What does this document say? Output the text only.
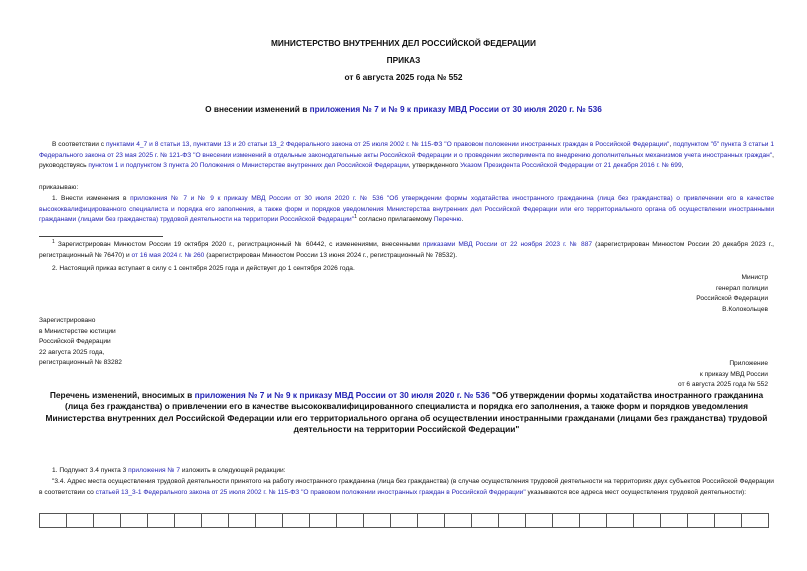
МИНИСТЕРСТВО ВНУТРЕННИХ ДЕЛ РОССИЙСКОЙ ФЕДЕРАЦИИ
ПРИКАЗ
от 6 августа 2025 года № 552
О внесении изменений в приложения № 7 и № 9 к приказу МВД России от 30 июля 2020 г. № 536
В соответствии с пунктами 4_7 и 8 статьи 13, пунктами 13 и 20 статьи 13_2 Федерального закона от 25 июля 2002 г. № 115-ФЗ "О правовом положении иностранных граждан в Российской Федерации", подпунктом "б" пункта 3 статьи 1 Федерального закона от 23 мая 2025 г. № 121-ФЗ "О внесении изменений в отдельные законодательные акты Российской Федерации и о проведении эксперимента по внедрению дополнительных механизмов учета иностранных граждан", руководствуясь пунктом 1 и подпунктом 3 пункта 20 Положения о Министерстве внутренних дел Российской Федерации, утвержденного Указом Президента Российской Федерации от 21 декабря 2016 г. № 699,
приказываю:
1. Внести изменения в приложения № 7 и № 9 к приказу МВД России от 30 июля 2020 г. № 536 "Об утверждении формы ходатайства иностранного гражданина (лица без гражданства) о привлечении его в качестве высококвалифицированного специалиста и порядка его заполнения, а также форм и порядков уведомления Министерства внутренних дел Российской Федерации или его территориального органа об осуществлении иностранными гражданами (лицами без гражданства) трудовой деятельности на территории Российской Федерации"$^1$ согласно прилагаемому Перечню.
$^1$ Зарегистрирован Минюстом России 19 октября 2020 г., регистрационный № 60442, с изменениями, внесенными приказами МВД России от 22 ноября 2023 г. № 887 (зарегистрирован Минюстом России 20 декабря 2023 г., регистрационный № 76470) и от 16 мая 2024 г. № 260 (зарегистрирован Минюстом России 13 июня 2024 г., регистрационный № 78532).
2. Настоящий приказ вступает в силу с 1 сентября 2025 года и действует до 1 сентября 2026 года.
Министр
генерал полиции
Российской Федерации
В.Колокольцев
Зарегистрировано
в Министерстве юстиции
Российской Федерации
22 августа 2025 года,
регистрационный № 83282	Приложение
к приказу МВД России
от 6 августа 2025 года № 552
Перечень изменений, вносимых в приложения № 7 и № 9 к приказу МВД России от 30 июля 2020 г. № 536 "Об утверждении формы ходатайства иностранного гражданина (лица без гражданства) о привлечении его в качестве высококвалифицированного специалиста и порядка его заполнения, а также форм и порядков уведомления Министерства внутренних дел Российской Федерации или его территориального органа об осуществлении иностранными гражданами (лицами без гражданства) трудовой деятельности на территории Российской Федерации"
1. Подпункт 3.4 пункта 3 приложения № 7 изложить в следующей редакции:
"3.4. Адрес места осуществления трудовой деятельности принятого на работу иностранного гражданина (лица без гражданства) (в случае осуществления трудовой деятельности на территориях двух субъектов Российской Федерации в соответствии со статьей 13_3-1 Федерального закона от 25 июля 2002 г. № 115-ФЗ "О правовом положении иностранных граждан в Российской Федерации" указываются все адреса мест осуществления трудовой деятельности):
